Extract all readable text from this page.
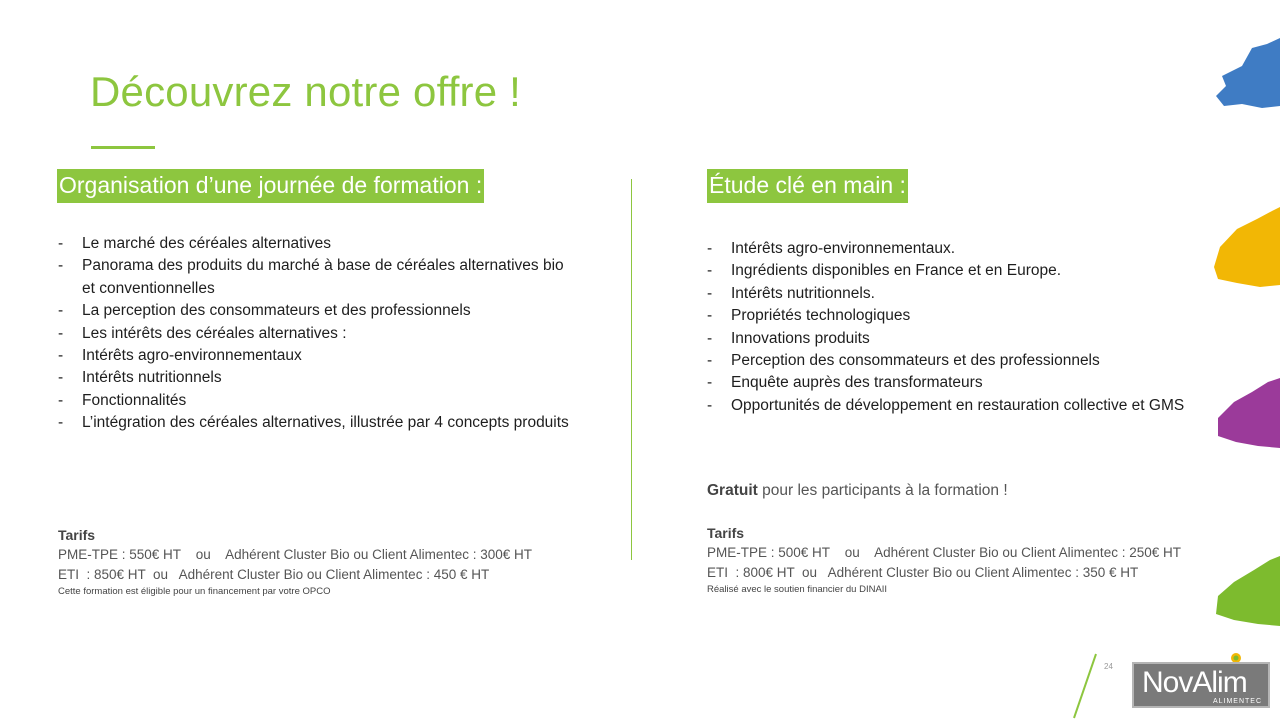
Découvrez notre offre !
Organisation d’une journée de formation :	Étude clé en main :
- Le marché des céréales alternatives
- Panorama des produits du marché à base de céréales alternatives bio et conventionnelles
- La perception des consommateurs et des professionnels
- Les intérêts des céréales alternatives :
- Intérêts agro-environnementaux
- Intérêts nutritionnels
- Fonctionnalités
- L’intégration des céréales alternatives, illustrée par 4 concepts produits
- Intérêts agro-environnementaux.
- Ingrédients disponibles en France et en Europe.
- Intérêts nutritionnels.
- Propriétés technologiques
- Innovations produits
- Perception des consommateurs et des professionnels
- Enquête auprès des transformateurs
- Opportunités de développement en restauration collective et GMS
Gratuit pour les participants à la formation !
Tarifs
PME-TPE : 550€ HT    ou    Adhérent Cluster Bio ou Client Alimentec : 300€ HT
ETI  : 850€ HT  ou   Adhérent Cluster Bio ou Client Alimentec : 450 € HT
Cette formation est éligible pour un financement par votre OPCO
Tarifs
PME-TPE : 500€ HT    ou    Adhérent Cluster Bio ou Client Alimentec : 250€ HT
ETI  : 800€ HT  ou   Adhérent Cluster Bio ou Client Alimentec : 350 € HT
Réalisé avec le soutien financier du DINAII
24 NovAlim
ALIMENTEC
